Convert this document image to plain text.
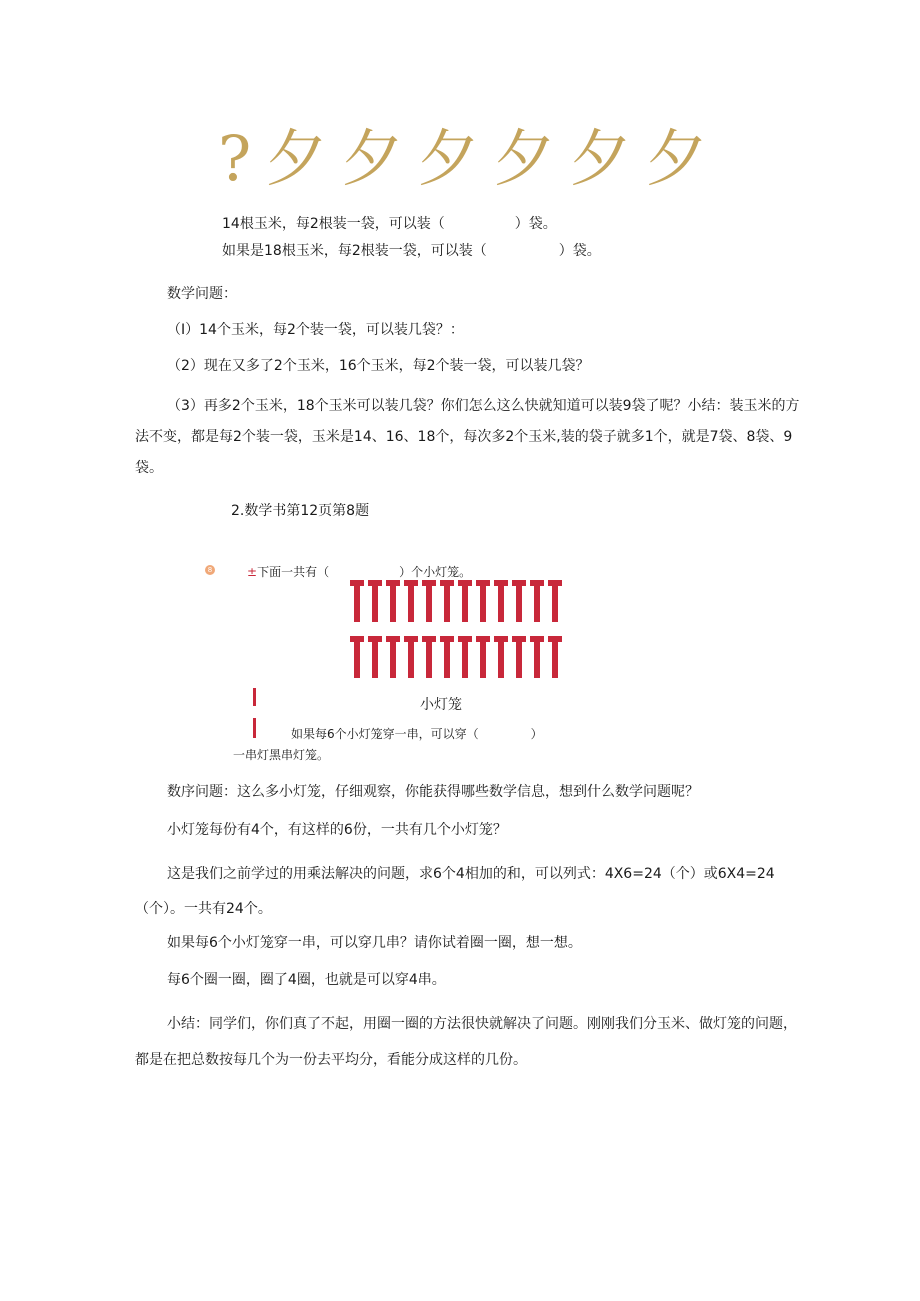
? 夕 夕 夕 夕 夕 夕
14根玉米，每2根装一袋，可以装（	）袋。
如果是18根玉米，每2根装一袋，可以装（	）袋。
数学问题：
（I）14个玉米，每2个装一袋，可以装几袋？：
（2）现在又多了2个玉米，16个玉米，每2个装一袋，可以装几袋？
（3）再多2个玉米，18个玉米可以装几袋？你们怎么这么快就知道可以装9袋了呢？小结：装玉米的方法不变，都是每2个装一袋，玉米是14、16、18个，每次多2个玉米,装的袋子就多1个，就是7袋、8袋、9袋。
2.数学书第12页第8题
8	±下面一共有（	）个小灯笼。
小灯笼
如果每6个小灯笼穿一串，可以穿（	）
一串灯黑串灯笼。
数序问题：这么多小灯笼，仔细观察，你能获得哪些数学信息，想到什么数学问题呢？
小灯笼每份有4个，有这样的6份，一共有几个小灯笼？
这是我们之前学过的用乘法解决的问题，求6个4相加的和，可以列式：4X6=24（个）或6X4=24（个）。一共有24个。
如果每6个小灯笼穿一串，可以穿几串？请你试着圈一圈，想一想。
每6个圈一圈，圈了4圈，也就是可以穿4串。
小结：同学们，你们真了不起，用圈一圈的方法很快就解决了问题。刚刚我们分玉米、做灯笼的问题，都是在把总数按每几个为一份去平均分，看能分成这样的几份。
